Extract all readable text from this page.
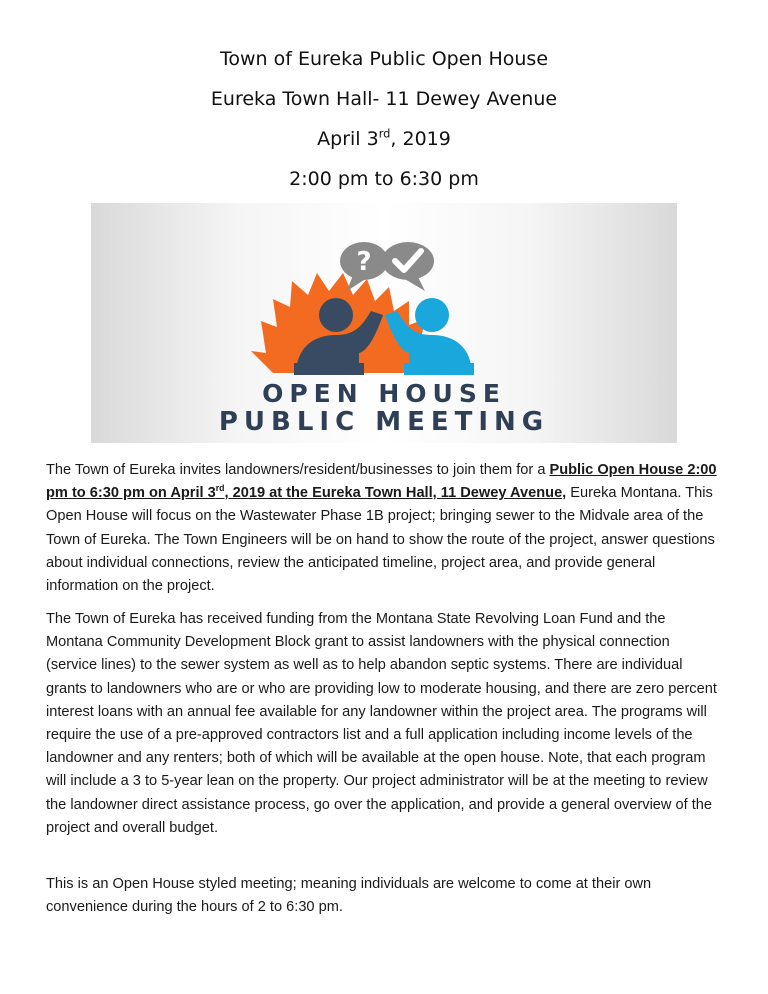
Town of Eureka Public Open House
Eureka Town Hall- 11 Dewey Avenue
April 3rd, 2019
2:00 pm to 6:30 pm
?
OPEN HOUSE
PUBLIC MEETING

The Town of Eureka invites landowners/resident/businesses to join them for a Public Open House 2:00 pm to 6:30 pm on April 3rd, 2019 at the Eureka Town Hall, 11 Dewey Avenue, Eureka Montana. This Open House will focus on the Wastewater Phase 1B project; bringing sewer to the Midvale area of the Town of Eureka. The Town Engineers will be on hand to show the route of the project, answer questions about individual connections, review the anticipated timeline, project area, and provide general information on the project.

The Town of Eureka has received funding from the Montana State Revolving Loan Fund and the Montana Community Development Block grant to assist landowners with the physical connection (service lines) to the sewer system as well as to help abandon septic systems. There are individual grants to landowners who are or who are providing low to moderate housing, and there are zero percent interest loans with an annual fee available for any landowner within the project area. The programs will require the use of a pre-approved contractors list and a full application including income levels of the landowner and any renters; both of which will be available at the open house. Note, that each program will include a 3 to 5-year lean on the property. Our project administrator will be at the meeting to review the landowner direct assistance process, go over the application, and provide a general overview of the project and overall budget.

This is an Open House styled meeting; meaning individuals are welcome to come at their own convenience during the hours of 2 to 6:30 pm.
